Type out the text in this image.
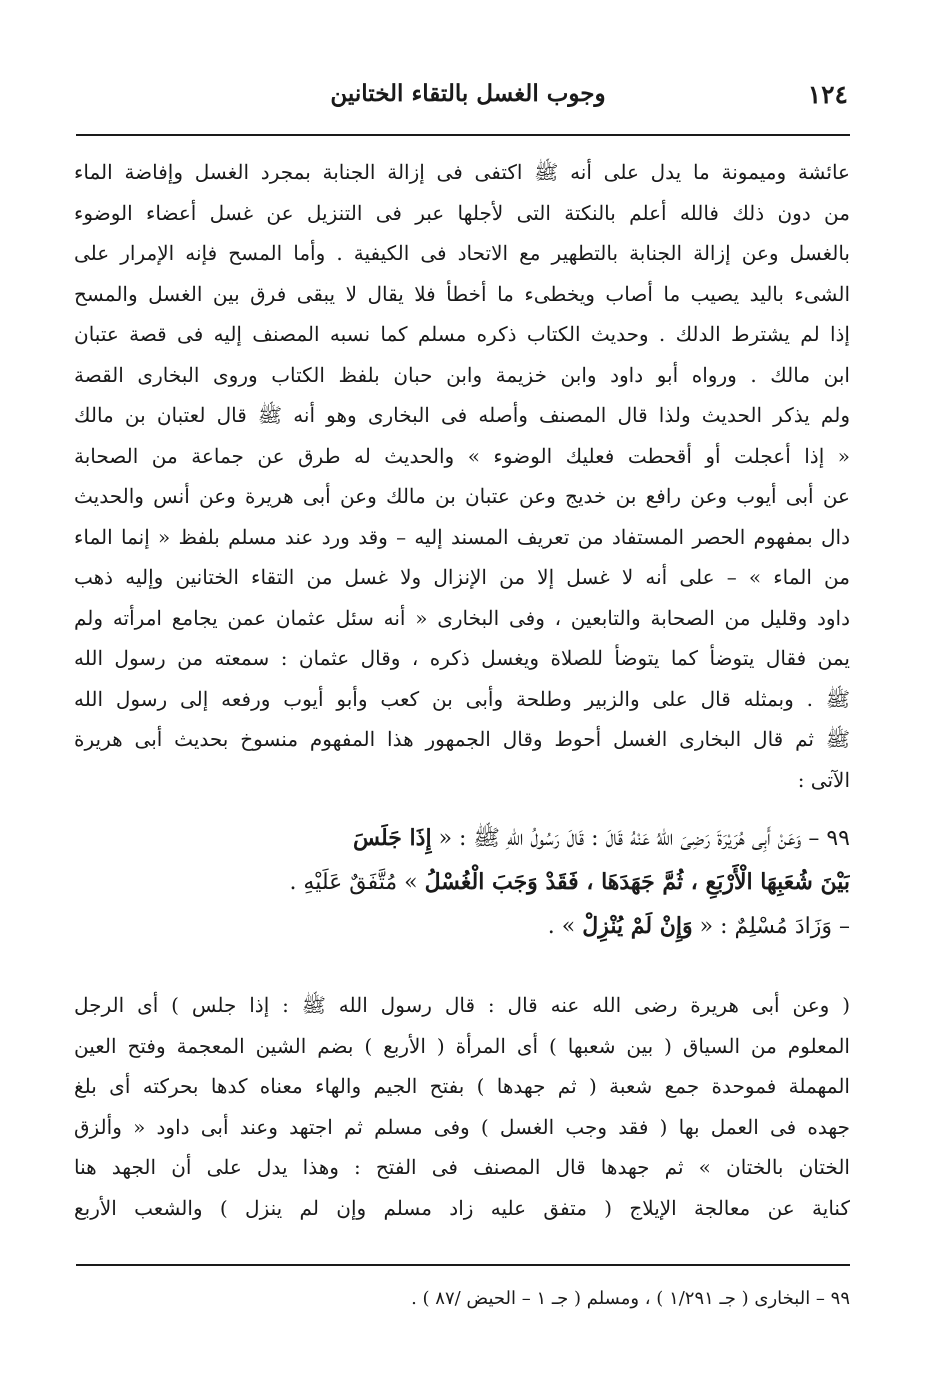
١٢٤
وجوب الغسل بالتقاء الختانين
عائشة وميمونة ما يدل على أنه ﷺ اكتفى فى إزالة الجنابة بمجرد الغسل وإفاضة الماء
من دون ذلك فالله أعلم بالنكتة التى لأجلها عبر فى التنزيل عن غسل أعضاء الوضوء
بالغسل وعن إزالة الجنابة بالتطهير مع الاتحاد فى الكيفية . وأما المسح فإنه الإمرار على
الشىء باليد يصيب ما أصاب ويخطىء ما أخطأ فلا يقال لا يبقى فرق بين الغسل والمسح
إذا لم يشترط الدلك . وحديث الكتاب ذكره مسلم كما نسبه المصنف إليه فى قصة عتبان
ابن مالك . ورواه أبو داود وابن خزيمة وابن حبان بلفظ الكتاب وروى البخارى القصة
ولم يذكر الحديث ولذا قال المصنف وأصله فى البخارى وهو أنه ﷺ قال لعتبان بن مالك
« إذا أعجلت أو أقحطت فعليك الوضوء » والحديث له طرق عن جماعة من الصحابة
عن أبى أيوب وعن رافع بن خديج وعن عتبان بن مالك وعن أبى هريرة وعن أنس والحديث
دال بمفهوم الحصر المستفاد من تعريف المسند إليه – وقد ورد عند مسلم بلفظ « إنما الماء
من الماء » – على أنه لا غسل إلا من الإنزال ولا غسل من التقاء الختانين وإليه ذهب
داود وقليل من الصحابة والتابعين ، وفى البخارى « أنه سئل عثمان عمن يجامع امرأته ولم
يمن فقال يتوضأ كما يتوضأ للصلاة ويغسل ذكره ، وقال عثمان : سمعته من رسول الله
ﷺ . وبمثله قال على والزبير وطلحة وأبى بن كعب وأبو أيوب ورفعه إلى رسول الله
ﷺ ثم قال البخارى الغسل أحوط وقال الجمهور هذا المفهوم منسوخ بحديث أبى هريرة
الآتى :
٩٩ – وَعَنْ أَبِى هُرَيْرَةَ رَضِىَ اللّهُ عَنْهُ قَالَ : قَالَ رَسُولُ اللهِ ﷺ : « إِذَا جَلَسَ
بَيْنَ شُعَبِهَا الْأَرْبَعِ ، ثُمَّ جَهَدَهَا ، فَقَدْ وَجَبَ الْغُسْلُ » مُتَّفَقٌ عَلَيْهِ .
– وَزَادَ مُسْلِمٌ : « وَإِنْ لَمْ يُنْزِلْ » .
( وعن أبى هريرة رضى الله عنه قال : قال رسول الله ﷺ : إذا جلس ) أى الرجل
المعلوم من السياق ( بين شعبها ) أى المرأة ( الأربع ) بضم الشين المعجمة وفتح العين
المهملة فموحدة جمع شعبة ( ثم جهدها ) بفتح الجيم والهاء معناه كدها بحركته أى بلغ
جهده فى العمل بها ( فقد وجب الغسل ) وفى مسلم ثم اجتهد وعند أبى داود « وألزق
الختان بالختان » ثم جهدها قال المصنف فى الفتح : وهذا يدل على أن الجهد هنا
كناية عن معالجة الإيلاج ( متفق عليه زاد مسلم وإن لم ينزل ) والشعب الأربع
٩٩ – البخارى ( جـ ١/٢٩١ ) ، ومسلم ( جـ ١ – الحيض /٨٧ ) .
